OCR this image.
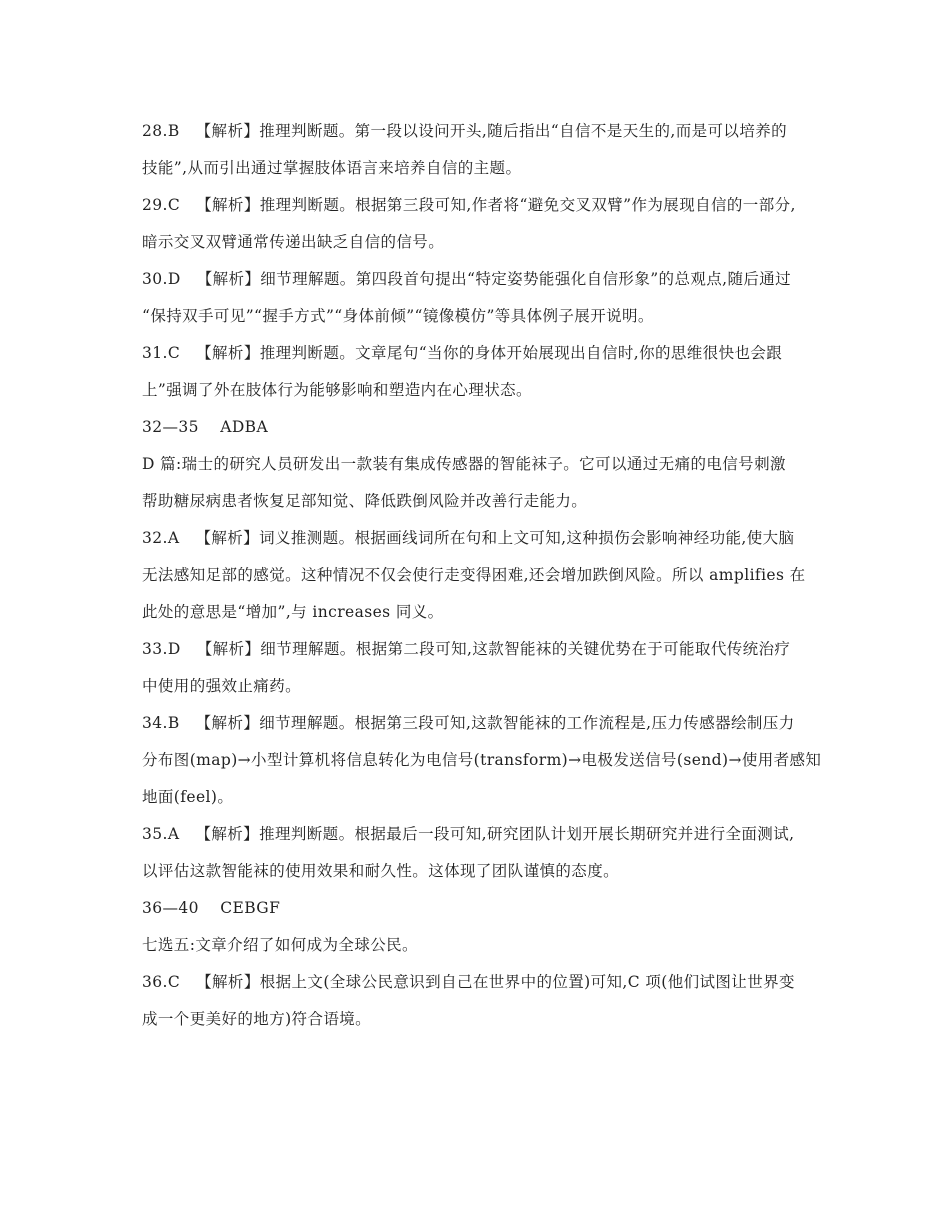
28.B 【解析】推理判断题。第一段以设问开头,随后指出“自信不是天生的,而是可以培养的
技能”,从而引出通过掌握肢体语言来培养自信的主题。
29.C 【解析】推理判断题。根据第三段可知,作者将“避免交叉双臂”作为展现自信的一部分,
暗示交叉双臂通常传递出缺乏自信的信号。
30.D 【解析】细节理解题。第四段首句提出“特定姿势能强化自信形象”的总观点,随后通过
“保持双手可见”“握手方式”“身体前倾”“镜像模仿”等具体例子展开说明。
31.C 【解析】推理判断题。文章尾句“当你的身体开始展现出自信时,你的思维很快也会跟
上”强调了外在肢体行为能够影响和塑造内在心理状态。
32—35    ADBA
D 篇:瑞士的研究人员研发出一款装有集成传感器的智能袜子。它可以通过无痛的电信号刺激
帮助糖尿病患者恢复足部知觉、降低跌倒风险并改善行走能力。
32.A 【解析】词义推测题。根据画线词所在句和上文可知,这种损伤会影响神经功能,使大脑
无法感知足部的感觉。这种情况不仅会使行走变得困难,还会增加跌倒风险。所以 amplifies 在
此处的意思是“增加”,与 increases 同义。
33.D 【解析】细节理解题。根据第二段可知,这款智能袜的关键优势在于可能取代传统治疗
中使用的强效止痛药。
34.B 【解析】细节理解题。根据第三段可知,这款智能袜的工作流程是,压力传感器绘制压力
分布图(map)→小型计算机将信息转化为电信号(transform)→电极发送信号(send)→使用者感知
地面(feel)。
35.A 【解析】推理判断题。根据最后一段可知,研究团队计划开展长期研究并进行全面测试,
以评估这款智能袜的使用效果和耐久性。这体现了团队谨慎的态度。
36—40    CEBGF
七选五:文章介绍了如何成为全球公民。
36.C 【解析】根据上文(全球公民意识到自己在世界中的位置)可知,C 项(他们试图让世界变
成一个更美好的地方)符合语境。
